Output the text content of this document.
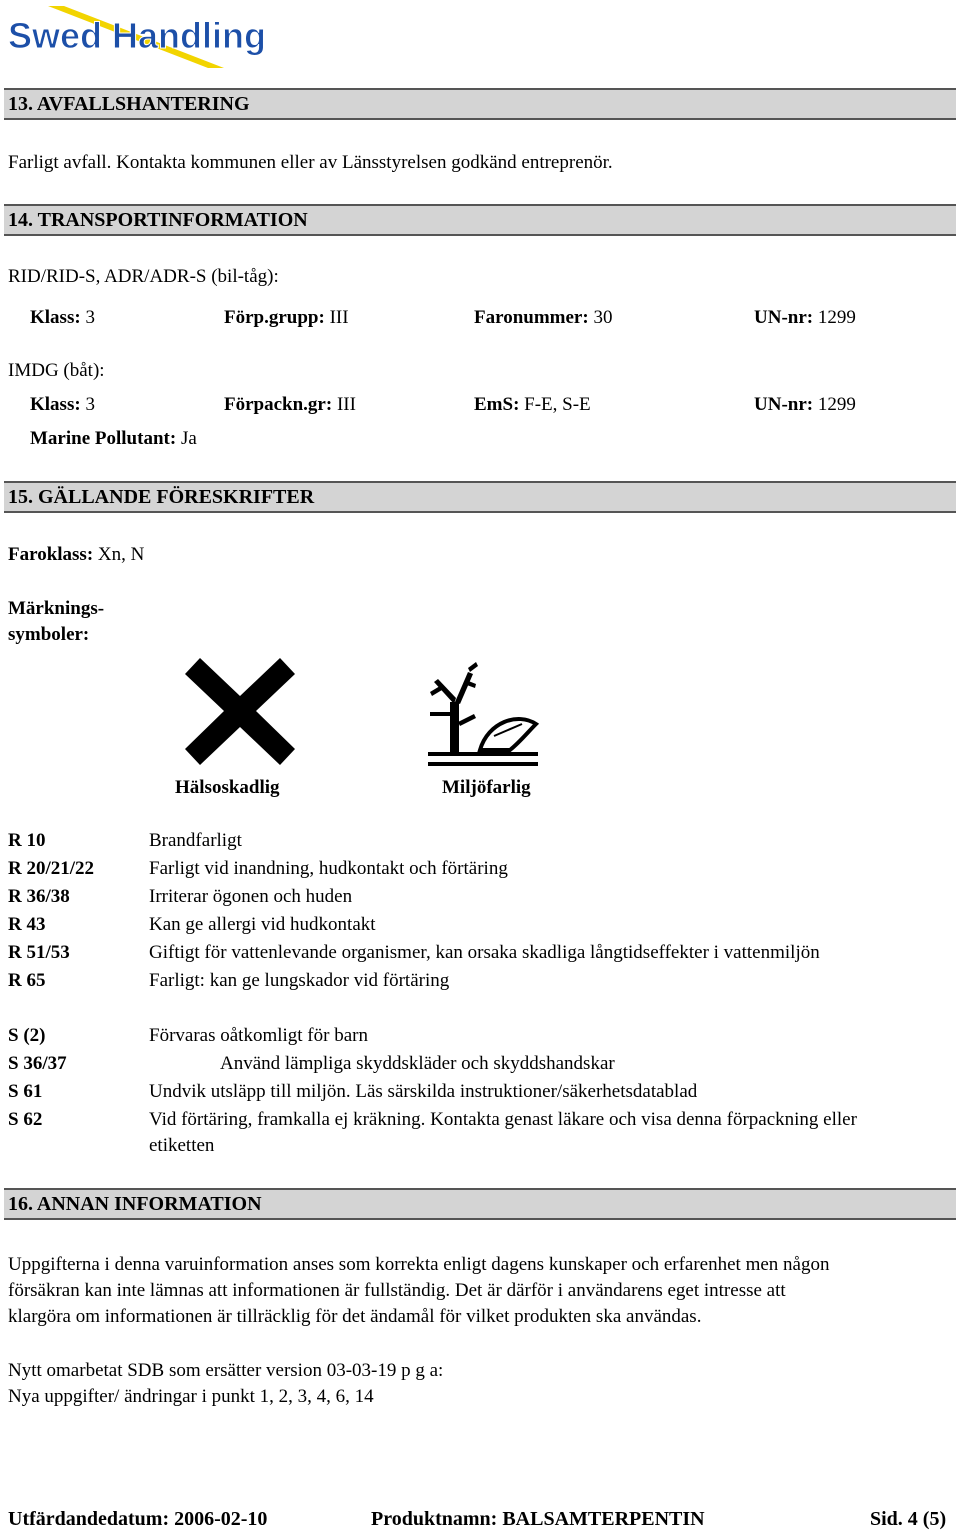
Swed Handling
13. AVFALLSHANTERING
Farligt avfall. Kontakta kommunen eller av Länsstyrelsen godkänd entreprenör.
14. TRANSPORTINFORMATION
RID/RID-S, ADR/ADR-S (bil-tåg):
Klass: 3	Förp.grupp: III	Faronummer: 30	UN-nr: 1299
IMDG (båt):
Klass: 3	Förpackn.gr: III	EmS: F-E, S-E	UN-nr: 1299
Marine Pollutant: Ja
15. GÄLLANDE FÖRESKRIFTER
Faroklass: Xn, N
Märknings-
symboler:
Hälsoskadlig	Miljöfarlig
R 10	Brandfarligt
R 20/21/22	Farligt vid inandning, hudkontakt och förtäring
R 36/38	Irriterar ögonen och huden
R 43	Kan ge allergi vid hudkontakt
R 51/53	Giftigt för vattenlevande organismer, kan orsaka skadliga långtidseffekter i vattenmiljön
R 65	Farligt: kan ge lungskador vid förtäring
S (2)	Förvaras oåtkomligt för barn
S 36/37	Använd lämpliga skyddskläder och skyddshandskar
S 61	Undvik utsläpp till miljön. Läs särskilda instruktioner/säkerhetsdatablad
S 62	Vid förtäring, framkalla ej kräkning. Kontakta genast läkare och visa denna förpackning eller
etiketten
16. ANNAN INFORMATION
Uppgifterna i denna varuinformation anses som korrekta enligt dagens kunskaper och erfarenhet men någon
försäkran kan inte lämnas att informationen är fullständig. Det är därför i användarens eget intresse att
klargöra om informationen är tillräcklig för det ändamål för vilket produkten ska användas.
Nytt omarbetat SDB som ersätter version 03-03-19 p g a:
Nya uppgifter/ ändringar i punkt 1, 2, 3, 4, 6, 14
Utfärdandedatum: 2006-02-10	Produktnamn: BALSAMTERPENTIN	Sid. 4 (5)
